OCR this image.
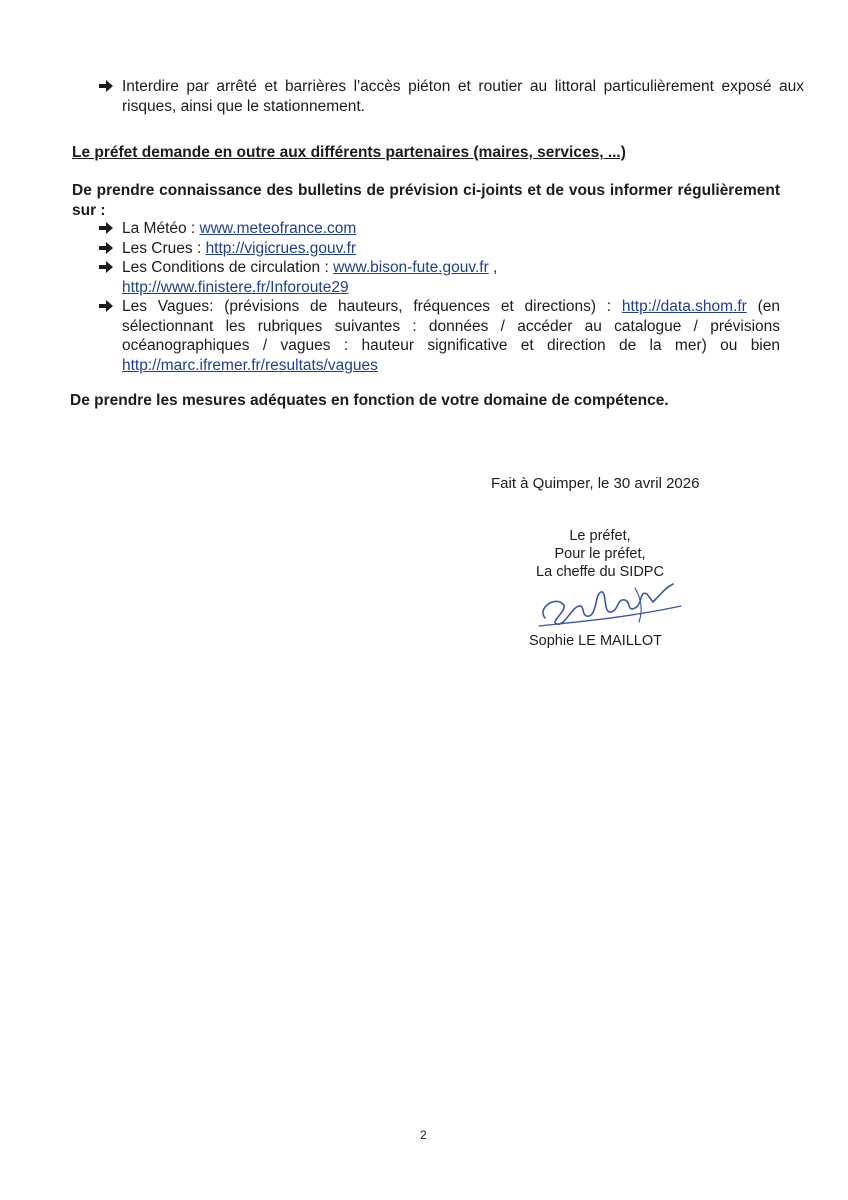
Interdire par arrêté et barrières l'accès piéton et routier au littoral particulièrement exposé aux risques, ainsi que le stationnement.
Le préfet demande en outre aux différents partenaires (maires, services, ...)
De prendre connaissance des bulletins de prévision ci-joints et de vous informer régulièrement sur :
La Météo : www.meteofrance.com
Les Crues : http://vigicrues.gouv.fr
Les Conditions de circulation : www.bison-fute.gouv.fr ,
http://www.finistere.fr/Inforoute29
Les Vagues: (prévisions de hauteurs, fréquences et directions) : http://data.shom.fr (en sélectionnant les rubriques suivantes : données / accéder au catalogue / prévisions océanographiques / vagues : hauteur significative et direction de la mer) ou bien http://marc.ifremer.fr/resultats/vagues
De prendre les mesures adéquates en fonction de votre domaine de compétence.
Fait à Quimper, le 30 avril 2026
Le préfet,
Pour le préfet,
La cheffe du SIDPC
Sophie LE MAILLOT
2
